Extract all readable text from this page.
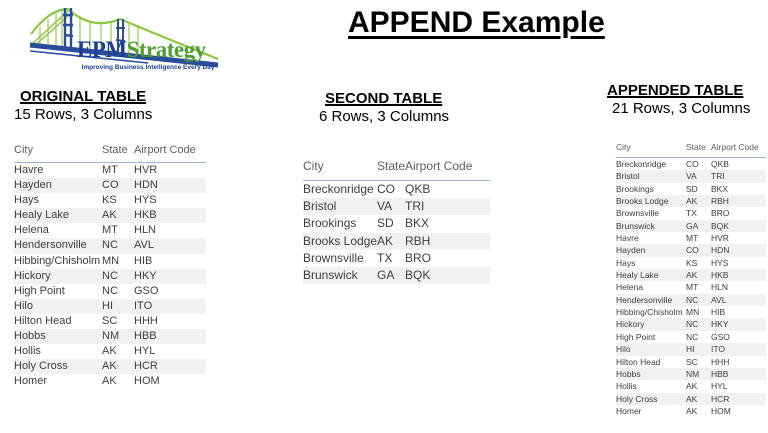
EPMStrategy
Improving Business Intelligence Every Day
APPEND Example
ORIGINAL TABLE
15 Rows, 3 Columns
City	State	Airport Code
Havre	MT	HVR
Hayden	CO	HDN
Hays	KS	HYS
Healy Lake	AK	HKB
Helena	MT	HLN
Hendersonville	NC	AVL
Hibbing/Chisholm	MN	HIB
Hickory	NC	HKY
High Point	NC	GSO
Hilo	HI	ITO
Hilton Head	SC	HHH
Hobbs	NM	HBB
Hollis	AK	HYL
Holy Cross	AK	HCR
Homer	AK	HOM
SECOND TABLE
6 Rows, 3 Columns
City	State	Airport Code
Breckonridge	CO	QKB
Bristol	VA	TRI
Brookings	SD	BKX
Brooks Lodge	AK	RBH
Brownsville	TX	BRO
Brunswick	GA	BQK
APPENDED TABLE
21 Rows, 3 Columns
City	State	Airport Code
Breckonridge	CO	QKB
Bristol	VA	TRI
Brookings	SD	BKX
Brooks Lodge	AK	RBH
Brownsville	TX	BRO
Brunswick	GA	BQK
Havre	MT	HVR
Hayden	CO	HDN
Hays	KS	HYS
Healy Lake	AK	HKB
Helena	MT	HLN
Hendersonville	NC	AVL
Hibbing/Chisholm	MN	HIB
Hickory	NC	HKY
High Point	NC	GSO
Hilo	HI	ITO
Hilton Head	SC	HHH
Hobbs	NM	HBB
Hollis	AK	HYL
Holy Cross	AK	HCR
Homer	AK	HOM
